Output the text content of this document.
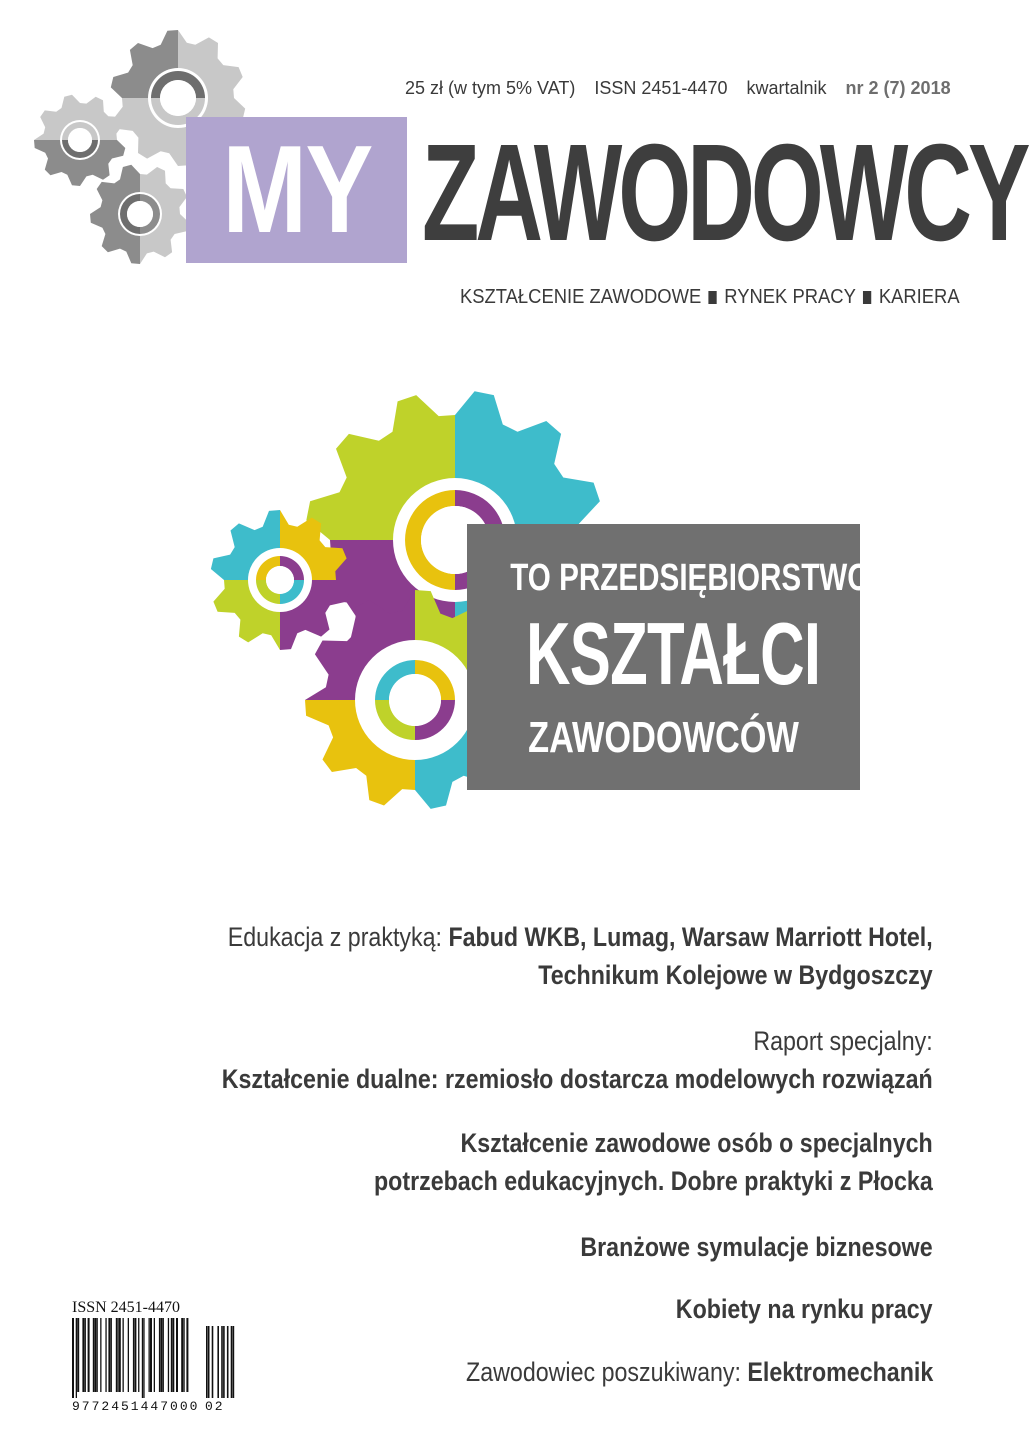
25 zł (w tym 5% VAT) ISSN 2451-4470 kwartalnik nr 2 (7) 2018
MY ZAWODOWCY
KSZTAŁCENIE ZAWODOWE RYNEK PRACY KARIERA
TO PRZEDSIĘBIORSTWO
KSZTAŁCI
ZAWODOWCÓW
Edukacja z praktyką: Fabud WKB, Lumag, Warsaw Marriott Hotel,
Technikum Kolejowe w Bydgoszczy
Raport specjalny:
Kształcenie dualne: rzemiosło dostarcza modelowych rozwiązań
Kształcenie zawodowe osób o specjalnych
potrzebach edukacyjnych. Dobre praktyki z Płocka
Branżowe symulacje biznesowe
Kobiety na rynku pracy
Zawodowiec poszukiwany: Elektromechanik
ISSN 2451-4470
9772451447000 02
